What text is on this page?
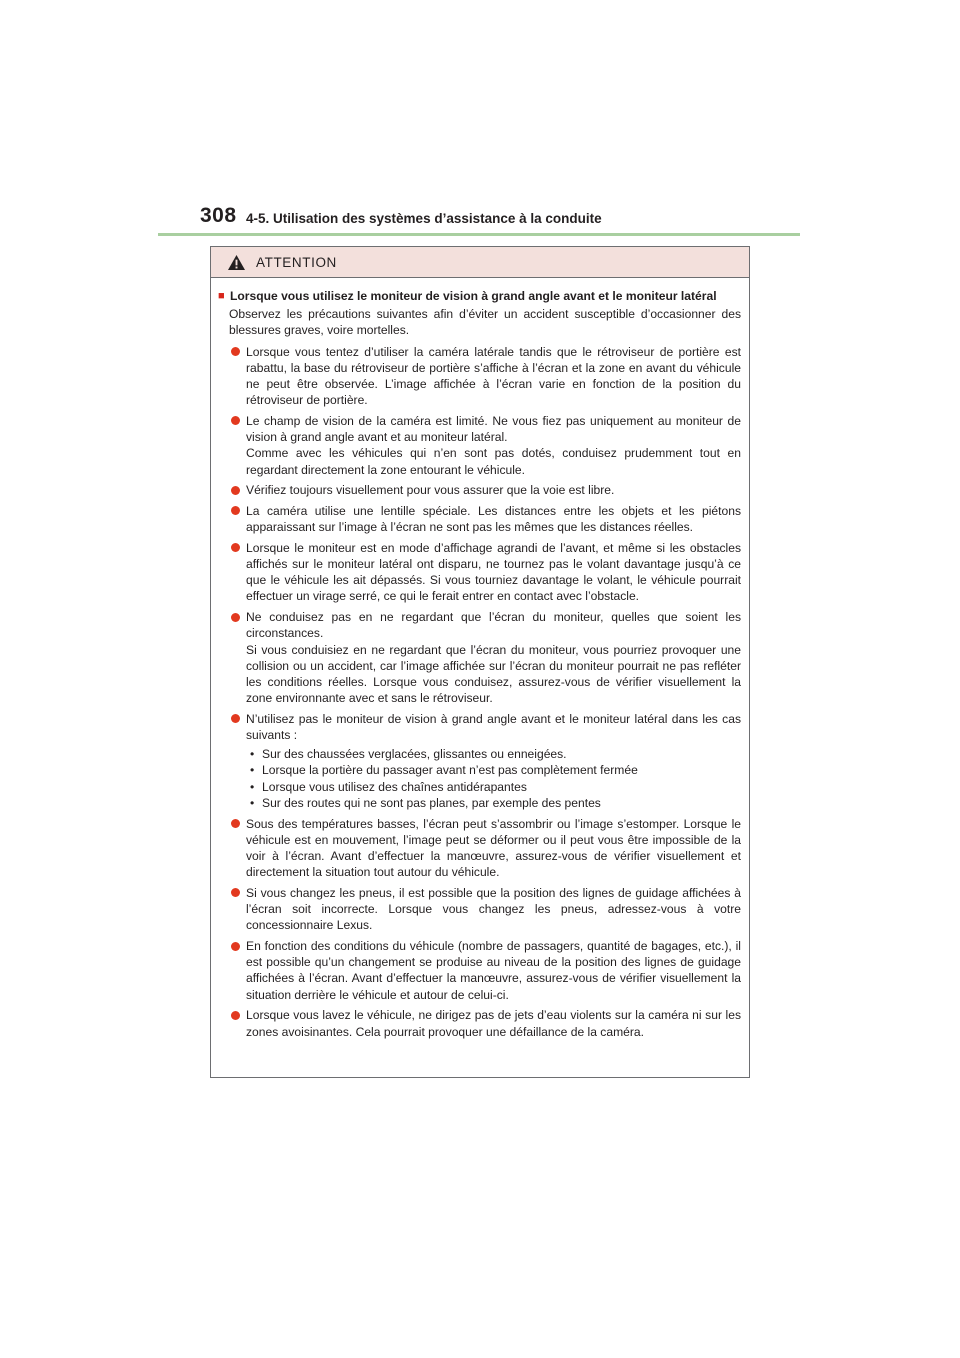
308 4-5. Utilisation des systèmes d’assistance à la conduite
ATTENTION
■ Lorsque vous utilisez le moniteur de vision à grand angle avant et le moniteur latéral
Observez les précautions suivantes afin d’éviter un accident susceptible d’occasionner des blessures graves, voire mortelles.

Lorsque vous tentez d’utiliser la caméra latérale tandis que le rétroviseur de portière est rabattu, la base du rétroviseur de portière s’affiche à l’écran et la zone en avant du véhicule ne peut être observée. L’image affichée à l’écran varie en fonction de la position du rétroviseur de portière.

Le champ de vision de la caméra est limité. Ne vous fiez pas uniquement au moniteur de vision à grand angle avant et au moniteur latéral.

Comme avec les véhicules qui n’en sont pas dotés, conduisez prudemment tout en regardant directement la zone entourant le véhicule.

Vérifiez toujours visuellement pour vous assurer que la voie est libre.

La caméra utilise une lentille spéciale. Les distances entre les objets et les piétons apparaissant sur l’image à l’écran ne sont pas les mêmes que les distances réelles.

Lorsque le moniteur est en mode d’affichage agrandi de l’avant, et même si les obstacles affichés sur le moniteur latéral ont disparu, ne tournez pas le volant davantage jusqu’à ce que le véhicule les ait dépassés. Si vous tourniez davantage le volant, le véhicule pourrait effectuer un virage serré, ce qui le ferait entrer en contact avec l’obstacle.

Ne conduisez pas en ne regardant que l’écran du moniteur, quelles que soient les circonstances.

Si vous conduisiez en ne regardant que l’écran du moniteur, vous pourriez provoquer une collision ou un accident, car l’image affichée sur l’écran du moniteur pourrait ne pas refléter les conditions réelles. Lorsque vous conduisez, assurez-vous de vérifier visuellement la zone environnante avec et sans le rétroviseur.

N’utilisez pas le moniteur de vision à grand angle avant et le moniteur latéral dans les cas suivants :

• Sur des chaussées verglacées, glissantes ou enneigées.
• Lorsque la portière du passager avant n’est pas complètement fermée
• Lorsque vous utilisez des chaînes antidérapantes
• Sur des routes qui ne sont pas planes, par exemple des pentes

Sous des températures basses, l’écran peut s’assombrir ou l’image s’estomper. Lorsque le véhicule est en mouvement, l’image peut se déformer ou il peut vous être impossible de la voir à l’écran. Avant d’effectuer la manœuvre, assurez-vous de vérifier visuellement et directement la situation tout autour du véhicule.

Si vous changez les pneus, il est possible que la position des lignes de guidage affichées à l’écran soit incorrecte. Lorsque vous changez les pneus, adressez-vous à votre concessionnaire Lexus.

En fonction des conditions du véhicule (nombre de passagers, quantité de bagages, etc.), il est possible qu’un changement se produise au niveau de la position des lignes de guidage affichées à l’écran. Avant d’effectuer la manœuvre, assurez-vous de vérifier visuellement la situation derrière le véhicule et autour de celui-ci.

Lorsque vous lavez le véhicule, ne dirigez pas de jets d’eau violents sur la caméra ni sur les zones avoisinantes. Cela pourrait provoquer une défaillance de la caméra.
